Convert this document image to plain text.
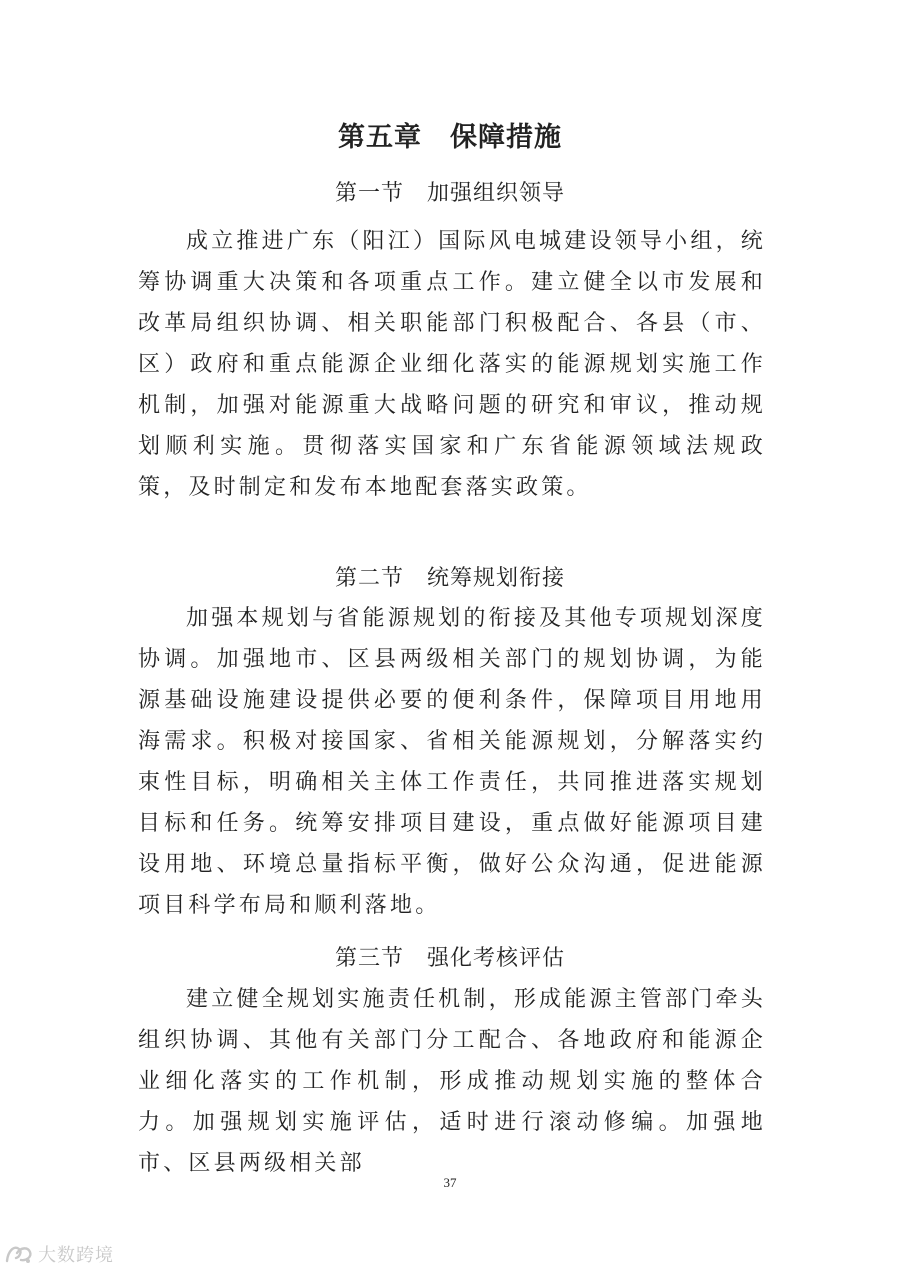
第五章　保障措施
第一节　加强组织领导

成立推进广东（阳江）国际风电城建设领导小组，统筹协调重大决策和各项重点工作。建立健全以市发展和改革局组织协调、相关职能部门积极配合、各县（市、区）政府和重点能源企业细化落实的能源规划实施工作机制，加强对能源重大战略问题的研究和审议，推动规划顺利实施。贯彻落实国家和广东省能源领域法规政策，及时制定和发布本地配套落实政策。

第二节　统筹规划衔接

加强本规划与省能源规划的衔接及其他专项规划深度协调。加强地市、区县两级相关部门的规划协调，为能源基础设施建设提供必要的便利条件，保障项目用地用海需求。积极对接国家、省相关能源规划，分解落实约束性目标，明确相关主体工作责任，共同推进落实规划目标和任务。统筹安排项目建设，重点做好能源项目建设用地、环境总量指标平衡，做好公众沟通，促进能源项目科学布局和顺利落地。

第三节　强化考核评估

建立健全规划实施责任机制，形成能源主管部门牵头组织协调、其他有关部门分工配合、各地政府和能源企业细化落实的工作机制，形成推动规划实施的整体合力。加强规划实施评估，适时进行滚动修编。加强地市、区县两级相关部

37
大数跨境
